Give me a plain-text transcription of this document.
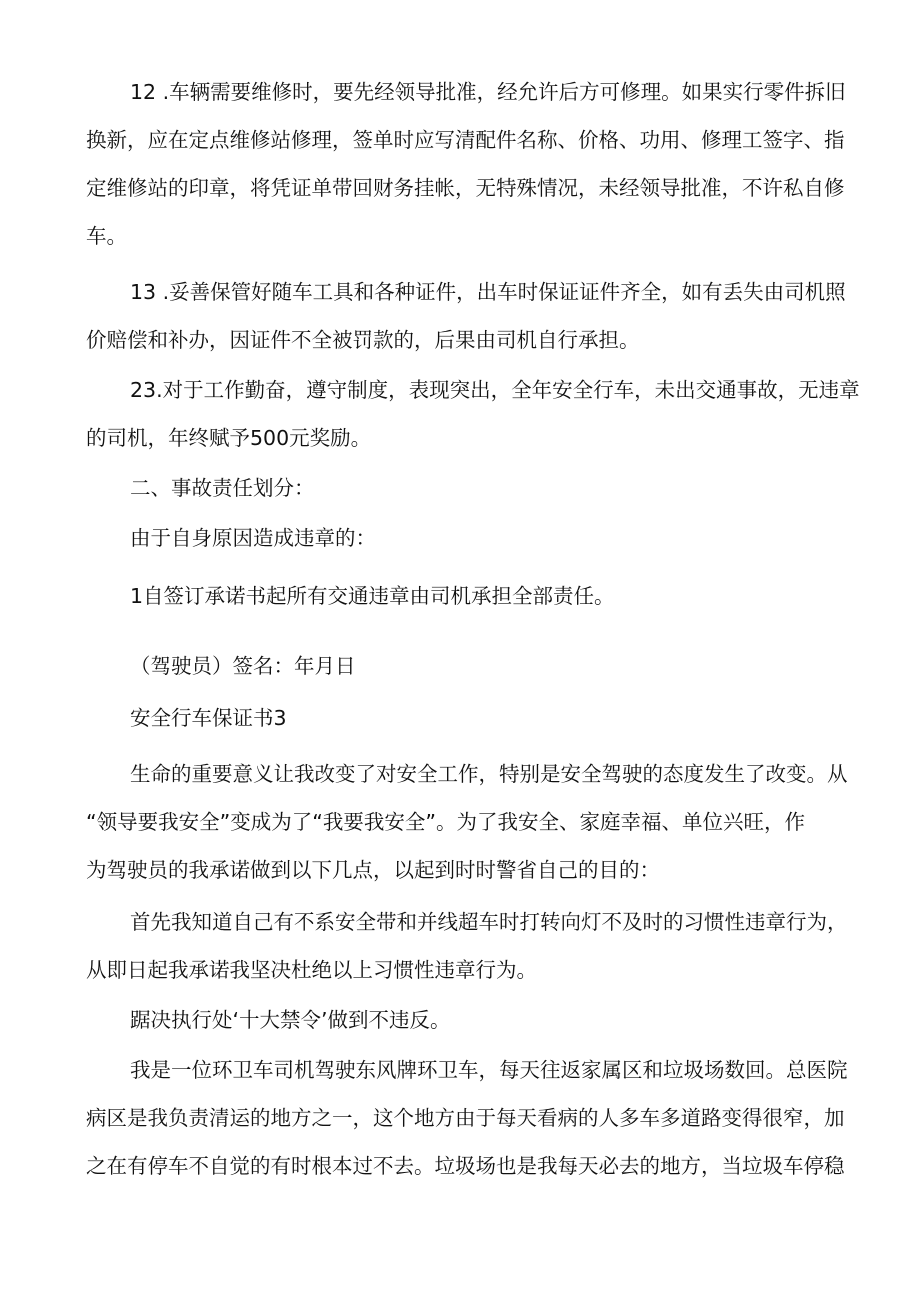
12 .车辆需要维修时，要先经领导批准，经允许后方可修理。如果实行零件拆旧
换新，应在定点维修站修理，签单时应写清配件名称、价格、功用、修理工签字、指
定维修站的印章，将凭证单带回财务挂帐，无特殊情况，未经领导批准，不许私自修
车。
13 .妥善保管好随车工具和各种证件，出车时保证证件齐全，如有丢失由司机照
价赔偿和补办，因证件不全被罚款的，后果由司机自行承担。
23.对于工作勤奋，遵守制度，表现突出，全年安全行车，未出交通事故，无违章
的司机，年终赋予500元奖励。
二、事故责任划分：
由于自身原因造成违章的：
1自签订承诺书起所有交通违章由司机承担全部责任。
（驾驶员）签名：年月日
安全行车保证书3
生命的重要意义让我改变了对安全工作，特别是安全驾驶的态度发生了改变。从
“领导要我安全”变成为了“我要我安全”。为了我安全、家庭幸福、单位兴旺，作
为驾驶员的我承诺做到以下几点，以起到时时警省自己的目的：
首先我知道自己有不系安全带和并线超车时打转向灯不及时的习惯性违章行为，
从即日起我承诺我坚决杜绝以上习惯性违章行为。
踞决执行处‘十大禁令’做到不违反。
我是一位环卫车司机驾驶东风牌环卫车，每天往返家属区和垃圾场数回。总医院
病区是我负责清运的地方之一，这个地方由于每天看病的人多车多道路变得很窄，加
之在有停车不自觉的有时根本过不去。垃圾场也是我每天必去的地方，当垃圾车停稳
